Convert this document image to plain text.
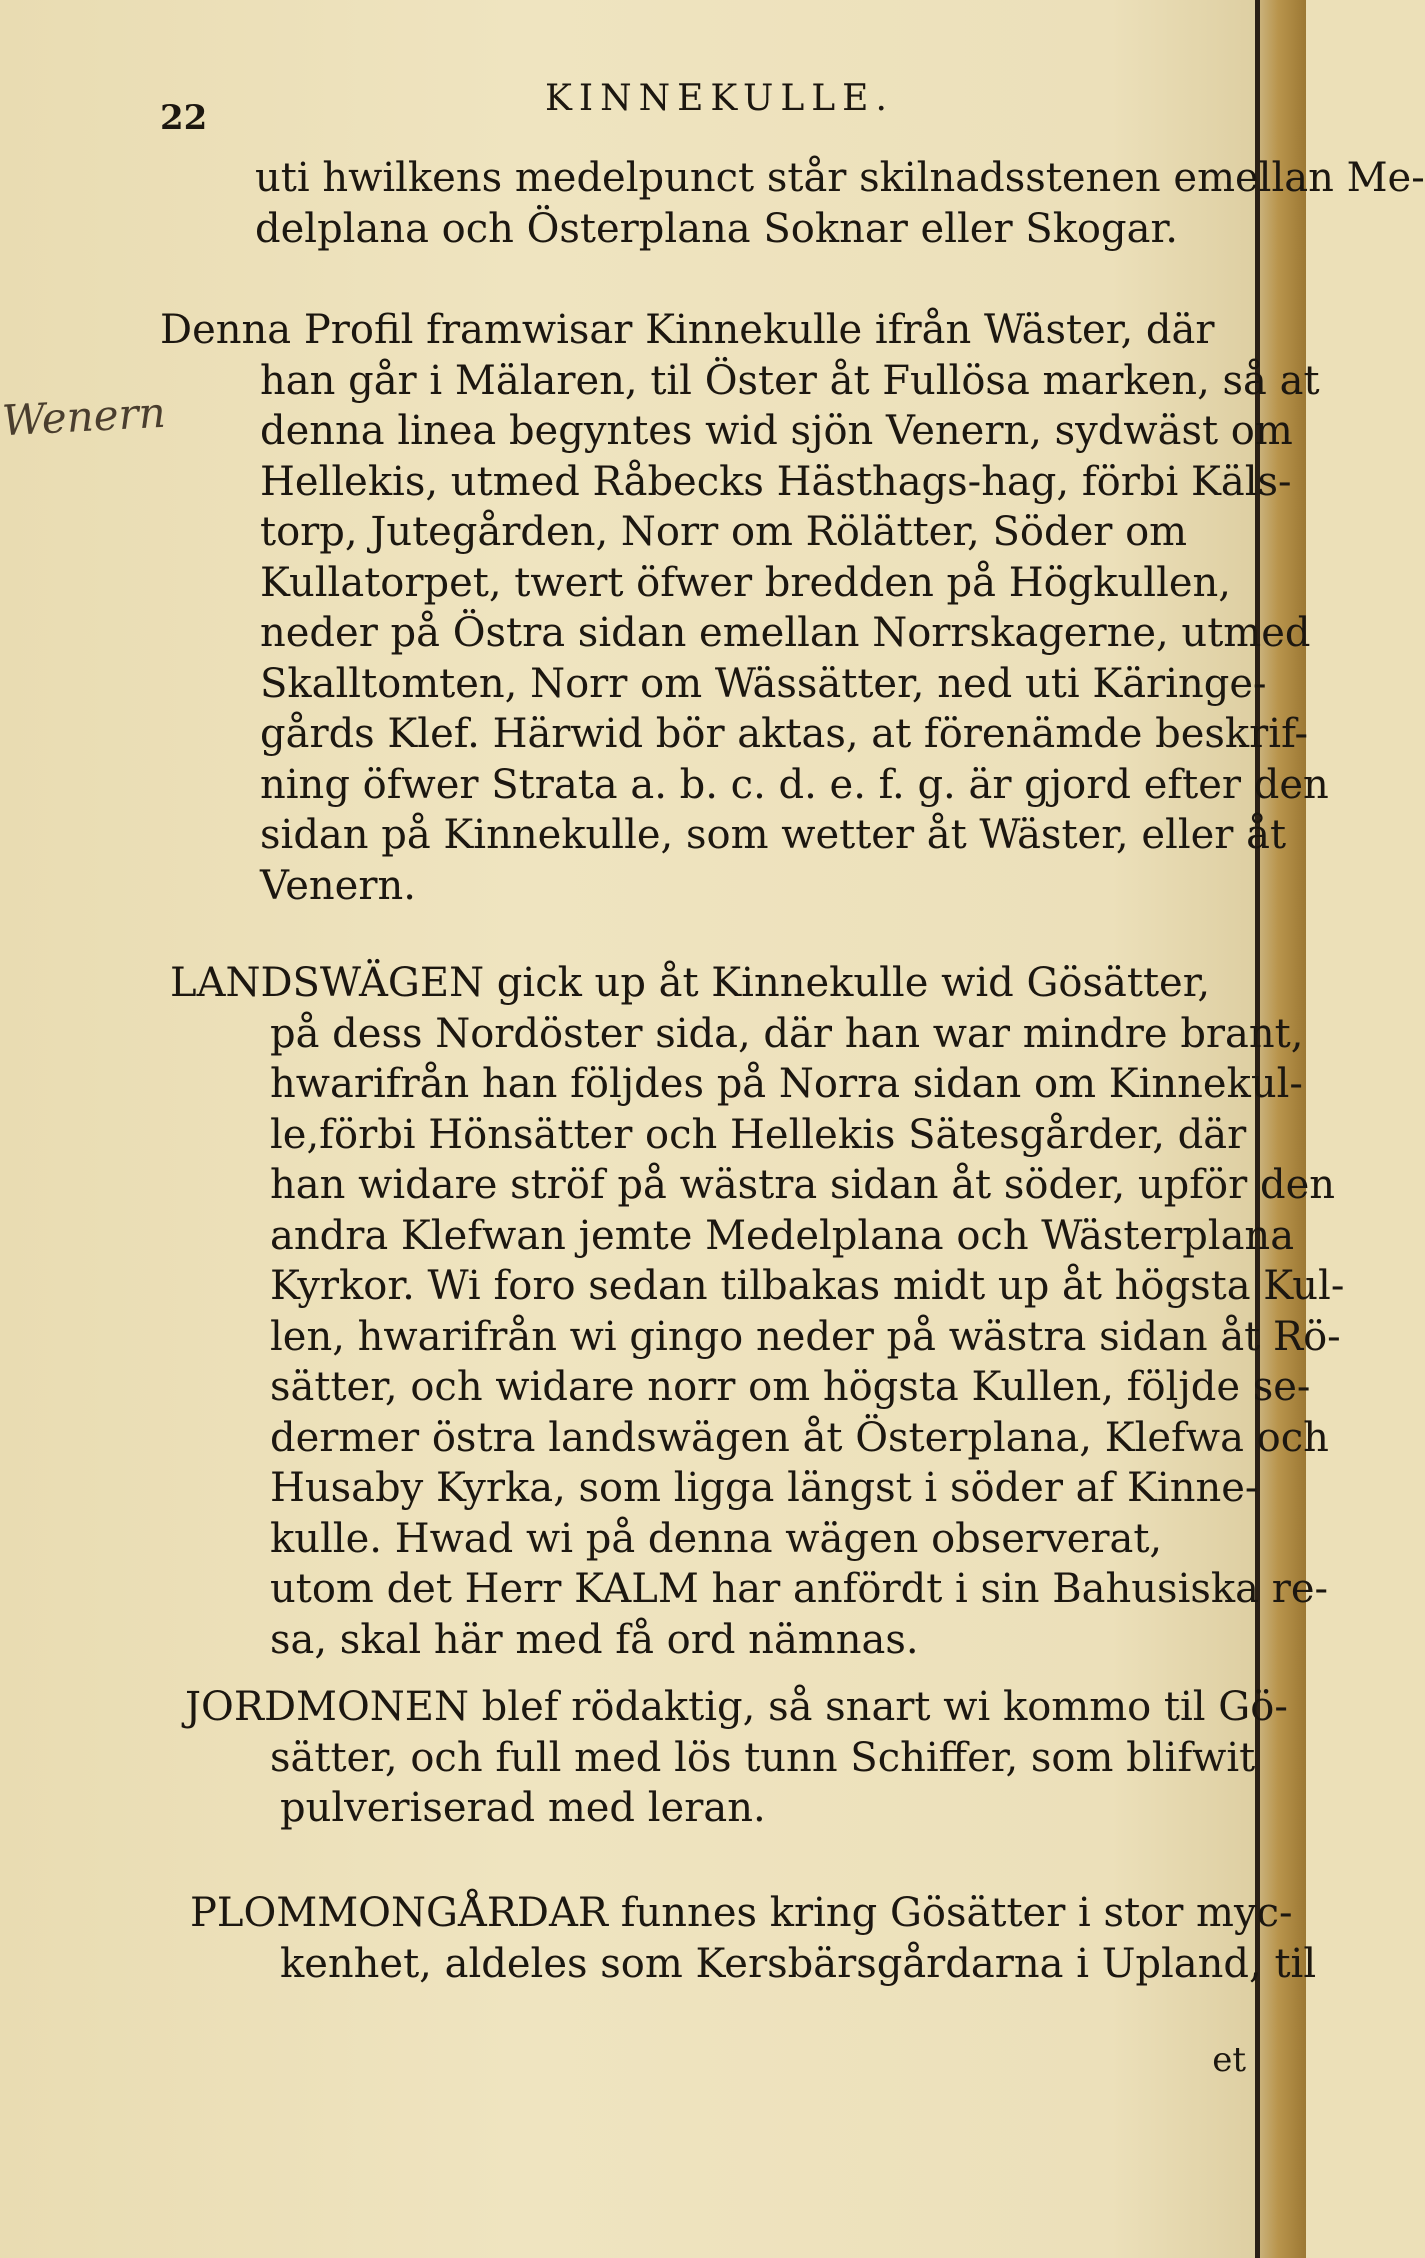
22	KINNEKULLE.
Wenern

uti hwilkens medelpunct står skilnadsstenen emellan Me-
delplana och Österplana Soknar eller Skogar.

Denna Profil framwisar Kinnekulle ifrån Wäster, där
han går i Mälaren, til Öster åt Fullösa marken, så at
denna linea begyntes wid sjön Venern, sydwäst om
Hellekis, utmed Råbecks Hästhags-hag, förbi Käls-
torp, Jutegården, Norr om Rölätter, Söder om
Kullatorpet, twert öfwer bredden på Högkullen,
neder på Östra sidan emellan Norrskagerne, utmed
Skalltomten, Norr om Wässätter, ned uti Käringe-
gårds Klef. Härwid bör aktas, at förenämde beskrif-
ning öfwer Strata a. b. c. d. e. f. g. är gjord efter den
sidan på Kinnekulle, som wetter åt Wäster, eller åt
Venern.

LANDSWÄGEN gick up åt Kinnekulle wid Gösätter,
på dess Nordöster sida, där han war mindre brant,
hwarifrån han följdes på Norra sidan om Kinnekul-
le,förbi Hönsätter och Hellekis Sätesgårder, där
han widare ströf på wästra sidan åt söder, upför den
andra Klefwan jemte Medelplana och Wästerplana
Kyrkor. Wi foro sedan tilbakas midt up åt högsta Kul-
len, hwarifrån wi gingo neder på wästra sidan åt Rö-
sätter, och widare norr om högsta Kullen, följde se-
dermer östra landswägen åt Österplana, Klefwa och
Husaby Kyrka, som ligga längst i söder af Kinne-
kulle. Hwad wi på denna wägen observerat,
utom det Herr KALM har anfördt i sin Bahusiska re-
sa, skal här med få ord nämnas.

JORDMONEN blef rödaktig, så snart wi kommo til Gö-
sätter, och full med lös tunn Schiffer, som blifwit
pulveriserad med leran.

PLOMMONGÅRDAR funnes kring Gösätter i stor myc-
kenhet, aldeles som Kersbärsgårdarna i Upland, til

et
